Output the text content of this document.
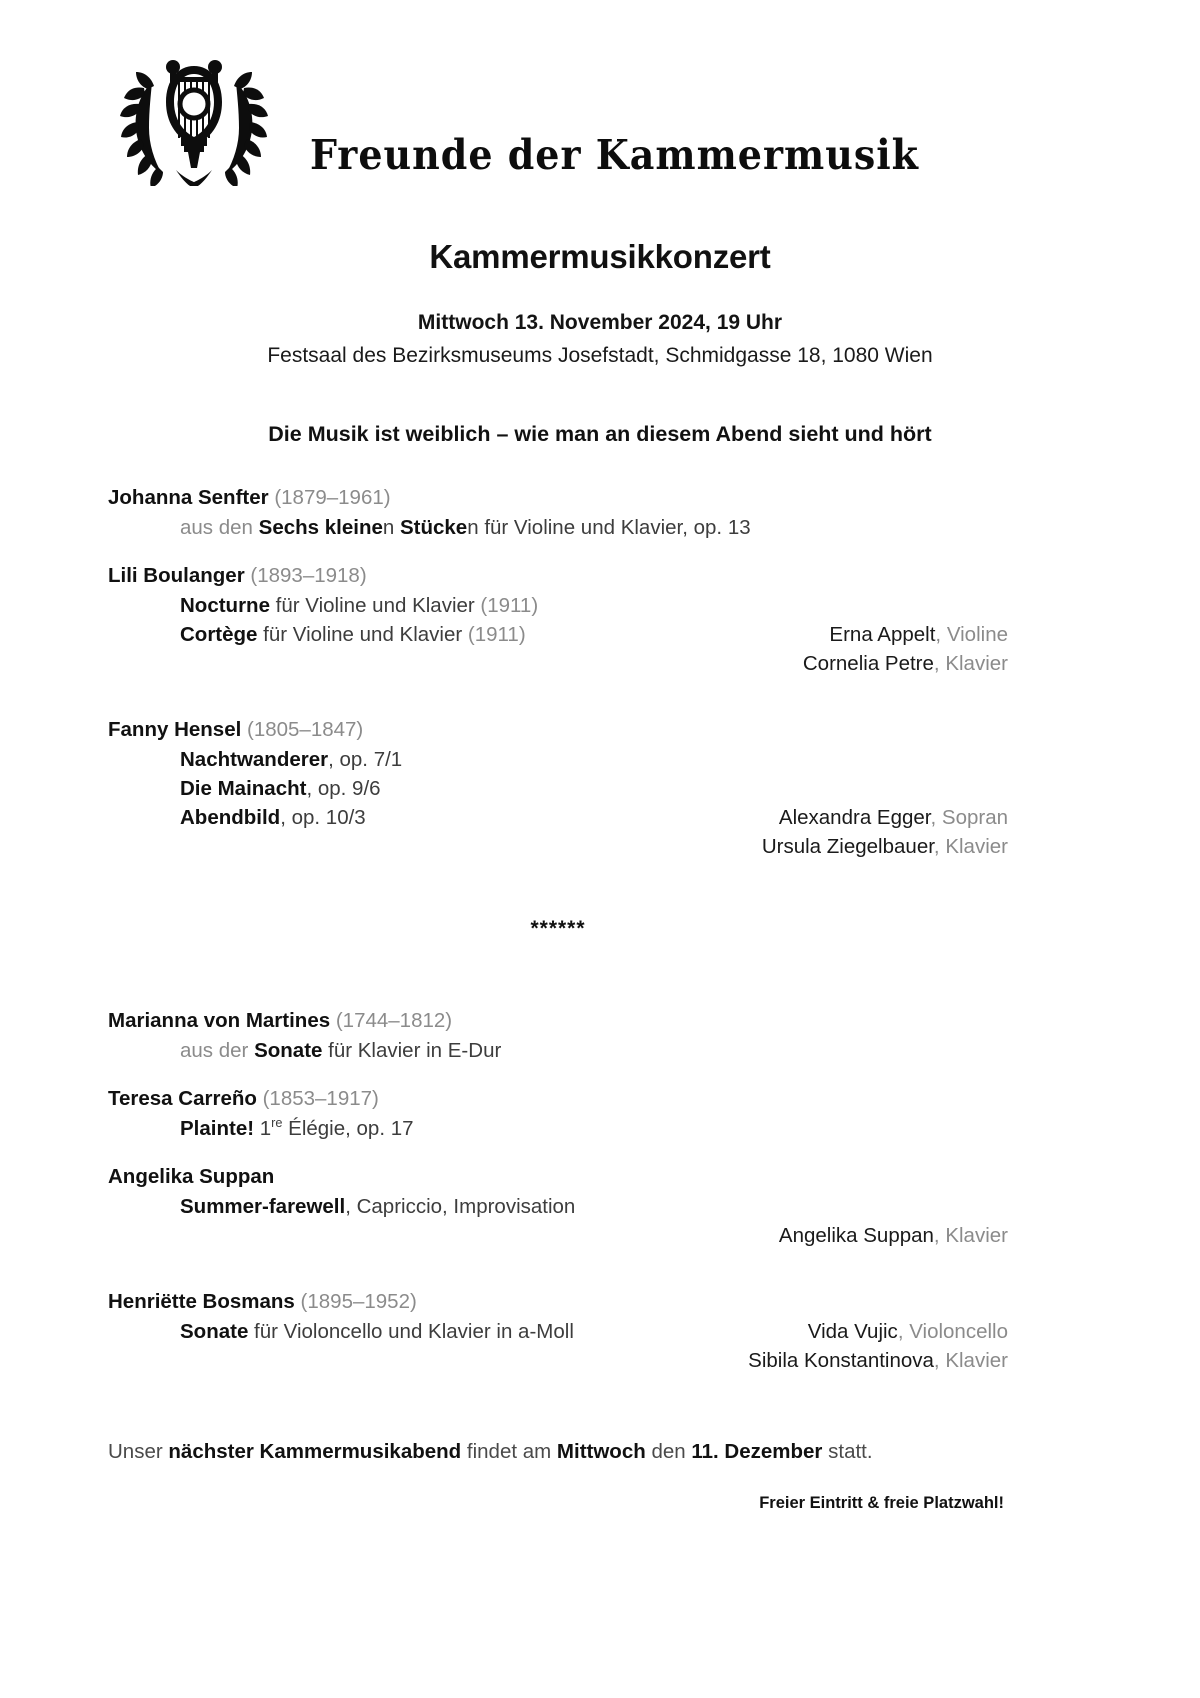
Freunde der Kammermusik
Kammermusikkonzert
Mittwoch 13. November 2024, 19 Uhr
Festsaal des Bezirksmuseums Josefstadt, Schmidgasse 18, 1080 Wien
Die Musik ist weiblich – wie man an diesem Abend sieht und hört
Johanna Senfter (1879–1961)
aus den Sechs kleinen Stücken für Violine und Klavier, op. 13
Lili Boulanger (1893–1918)
Nocturne für Violine und Klavier (1911)
Cortège für Violine und Klavier (1911)	Erna Appelt, Violine
Cornelia Petre, Klavier
Fanny Hensel (1805–1847)
Nachtwanderer, op. 7/1
Die Mainacht, op. 9/6
Abendbild, op. 10/3	Alexandra Egger, Sopran
Ursula Ziegelbauer, Klavier
******
Marianna von Martines (1744–1812)
aus der Sonate für Klavier in E-Dur
Teresa Carreño (1853–1917)
Plainte! 1re Élégie, op. 17
Angelika Suppan
Summer-farewell, Capriccio, Improvisation
Angelika Suppan, Klavier
Henriëtte Bosmans (1895–1952)
Sonate für Violoncello und Klavier in a-Moll	Vida Vujic, Violoncello
Sibila Konstantinova, Klavier
Unser nächster Kammermusikabend findet am Mittwoch den 11. Dezember statt.
Freier Eintritt & freie Platzwahl!
